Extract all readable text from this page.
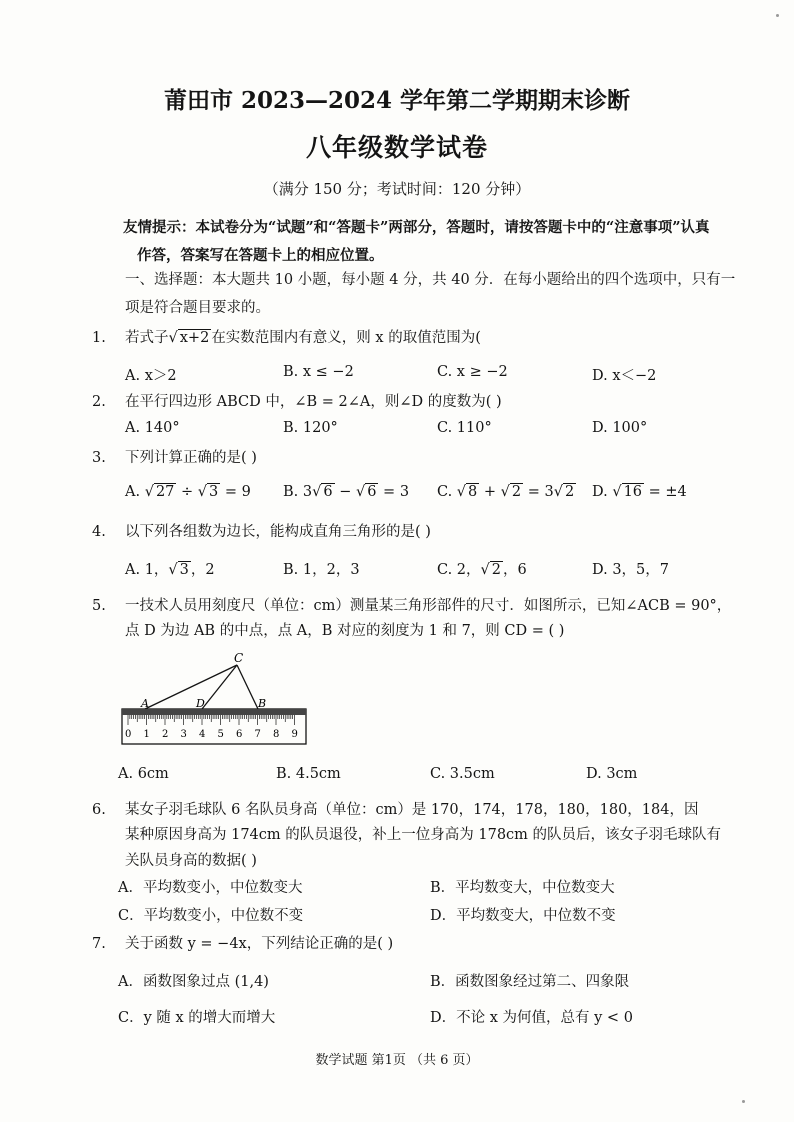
莆田市 2023—2024 学年第二学期期末诊断
八年级数学试卷
（满分 150 分；考试时间：120 分钟）
友情提示：本试卷分为“试题”和“答题卡”两部分，答题时，请按答题卡中的“注意事项”认真作答，答案写在答题卡上的相应位置。
一、选择题：本大题共 10 小题，每小题 4 分，共 40 分．在每小题给出的四个选项中，只有一项是符合题目要求的。
1. 若式子√ x+2 在实数范围内有意义，则 x 的取值范围为(
A. x＞2	B. x ≤ −2	C. x ≥ −2	D. x＜−2
2. 在平行四边形 ABCD 中，∠B = 2∠A，则∠D 的度数为( )
A. 140°	B. 120°	C. 110°	D. 100°
3. 下列计算正确的是( )
A. √ 27 ÷ √ 3 = 9 B. 3√ 6 − √ 6 = 3 C. √ 8 + √ 2 = 3√ 2 D. √ 16 = ±4
4. 以下列各组数为边长，能构成直角三角形的是( )
A. 1，√ 3 ，2	B. 1，2，3	C. 2，√ 2 ，6	D. 3，5，7
5. 一技术人员用刻度尺（单位：cm）测量某三角形部件的尺寸．如图所示，已知∠ACB = 90°，
点 D 为边 AB 的中点，点 A，B 对应的刻度为 1 和 7，则 CD = ( )
0 1 2 3 4 5 6 7 8 9
C
A	D	B
A. 6cm	B. 4.5cm	C. 3.5cm	D. 3cm
6. 某女子羽毛球队 6 名队员身高（单位：cm）是 170，174，178，180，180，184，因
某种原因身高为 174cm 的队员退役，补上一位身高为 178cm 的队员后，该女子羽毛球队有
关队员身高的数据( )
A．平均数变小，中位数变大	B．平均数变大，中位数变大
C．平均数变小，中位数不变	D．平均数变大，中位数不变
7. 关于函数 y = −4x，下列结论正确的是( )
A．函数图象过点 (1,4)	B．函数图象经过第二、四象限
C．y 随 x 的增大而增大	D．不论 x 为何值，总有 y < 0
数学试题 第1页 （共 6 页）
